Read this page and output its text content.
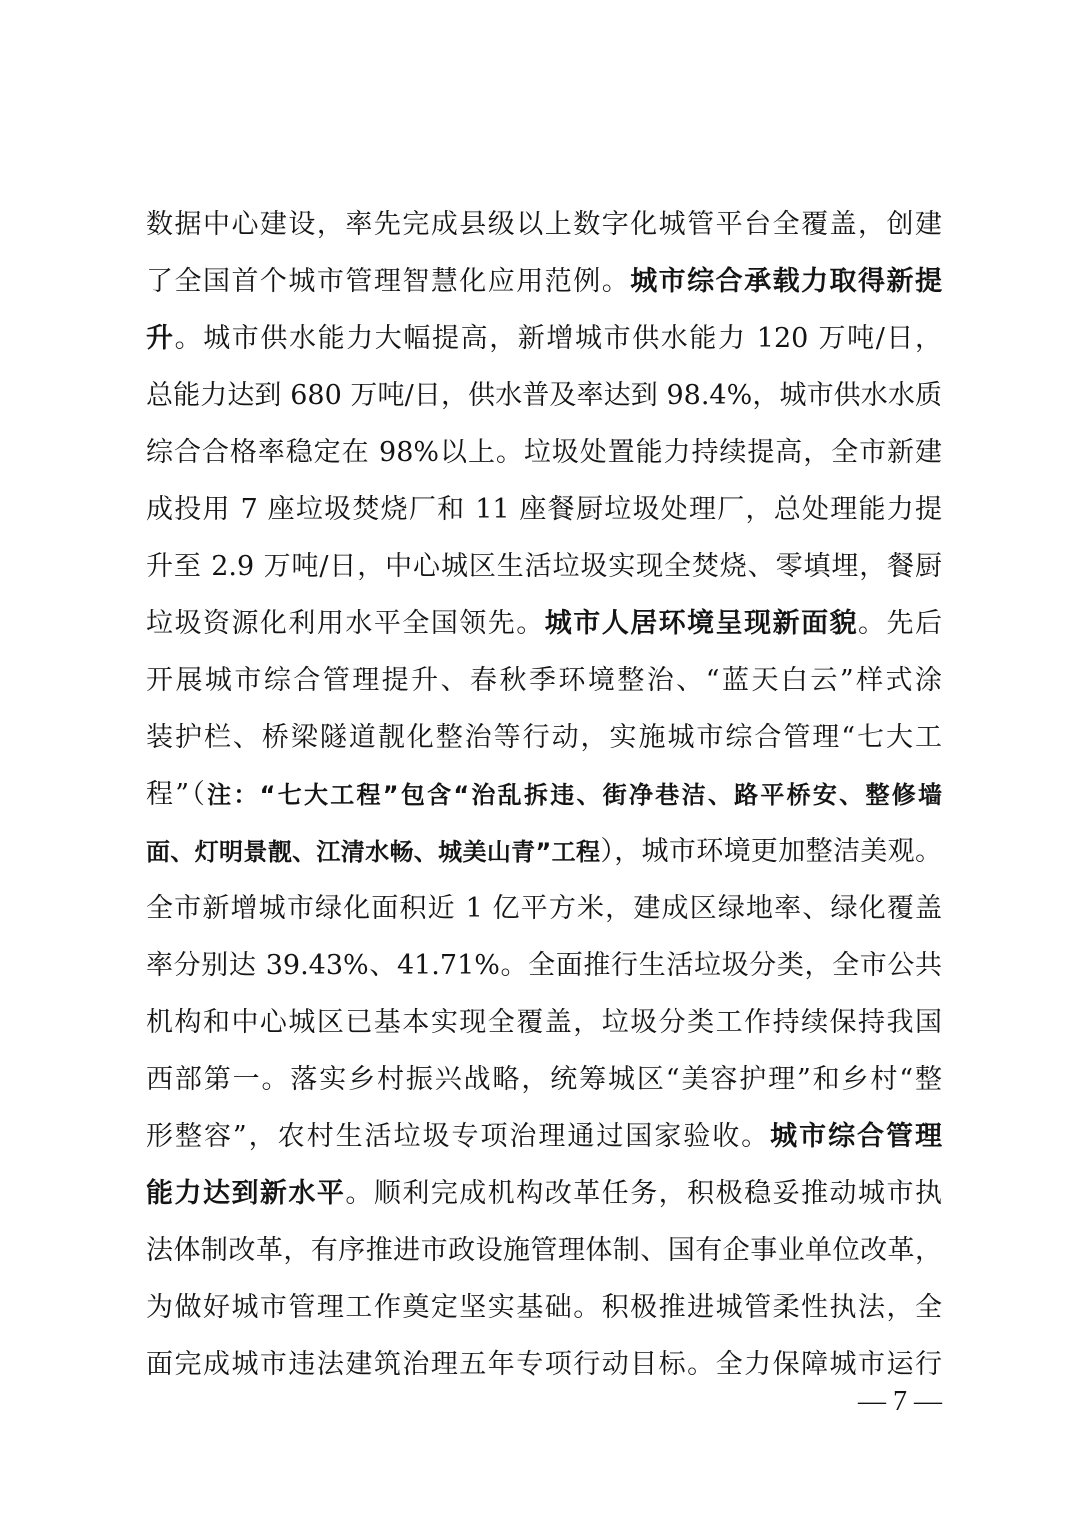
数据中心建设，率先完成县级以上数字化城管平台全覆盖，创建
了全国首个城市管理智慧化应用范例。城市综合承载力取得新提
升。城市供水能力大幅提高，新增城市供水能力 120 万吨/日，
总能力达到 680 万吨/日，供水普及率达到 98.4%，城市供水水质
综合合格率稳定在 98%以上。垃圾处置能力持续提高，全市新建
成投用 7 座垃圾焚烧厂和 11 座餐厨垃圾处理厂，总处理能力提
升至 2.9 万吨/日，中心城区生活垃圾实现全焚烧、零填埋，餐厨
垃圾资源化利用水平全国领先。城市人居环境呈现新面貌。先后
开展城市综合管理提升、春秋季环境整治、“蓝天白云”样式涂
装护栏、桥梁隧道靓化整治等行动，实施城市综合管理“七大工
程”（注：“七大工程”包含“治乱拆违、街净巷洁、路平桥安、整修墙
面、灯明景靓、江清水畅、城美山青”工程），城市环境更加整洁美观。
全市新增城市绿化面积近 1 亿平方米，建成区绿地率、绿化覆盖
率分别达 39.43%、41.71%。全面推行生活垃圾分类，全市公共
机构和中心城区已基本实现全覆盖，垃圾分类工作持续保持我国
西部第一。落实乡村振兴战略，统筹城区“美容护理”和乡村“整
形整容”，农村生活垃圾专项治理通过国家验收。城市综合管理
能力达到新水平。顺利完成机构改革任务，积极稳妥推动城市执
法体制改革，有序推进市政设施管理体制、国有企事业单位改革，
为做好城市管理工作奠定坚实基础。积极推进城管柔性执法，全
面完成城市违法建筑治理五年专项行动目标。全力保障城市运行
— 7 —
